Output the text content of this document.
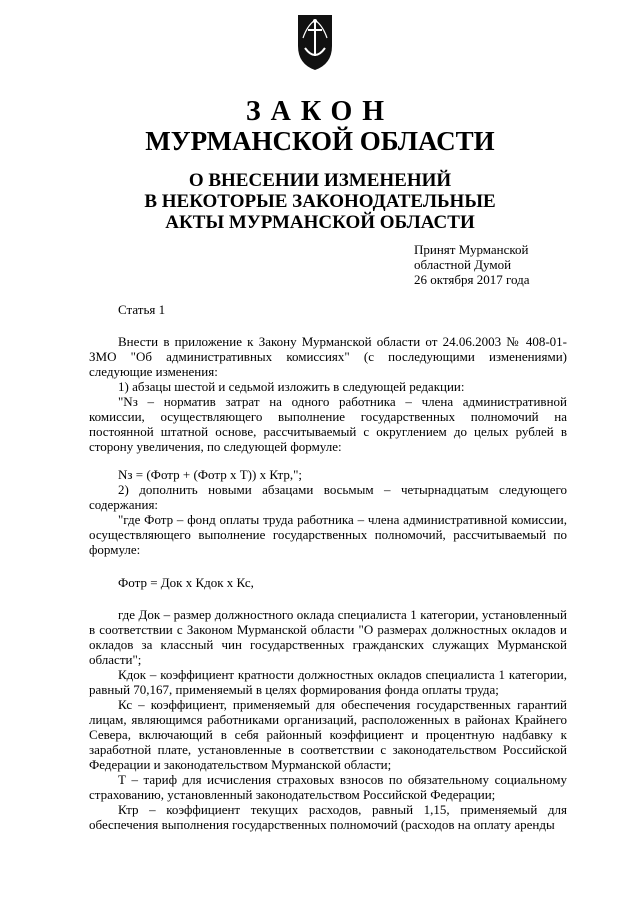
ЗАКОН
МУРМАНСКОЙ ОБЛАСТИ
О ВНЕСЕНИИ ИЗМЕНЕНИЙ
В НЕКОТОРЫЕ ЗАКОНОДАТЕЛЬНЫЕ
АКТЫ МУРМАНСКОЙ ОБЛАСТИ
Принят Мурманской
областной Думой
26 октября 2017 года
Статья 1

Внести в приложение к Закону Мурманской области от 24.06.2003 № 408-01-ЗМО "Об административных комиссиях" (с последующими изменениями) следующие изменения:

1) абзацы шестой и седьмой изложить в следующей редакции:

"Nз – норматив затрат на одного работника – члена административной комиссии, осуществляющего выполнение государственных полномочий на постоянной штатной основе, рассчитываемый с округлением до целых рублей в сторону увеличения, по следующей формуле:

Nз = (Фотр + (Фотр х Т)) х Ктр,";

2) дополнить новыми абзацами восьмым – четырнадцатым следующего содержания:

"где Фотр – фонд оплаты труда работника – члена административной комиссии, осуществляющего выполнение государственных полномочий, рассчитываемый по формуле:

Фотр = Док х Кдок х Кс,

где Док – размер должностного оклада специалиста 1 категории, установленный в соответствии с Законом Мурманской области "О размерах должностных окладов и окладов за классный чин государственных гражданских служащих Мурманской области";

Кдок – коэффициент кратности должностных окладов специалиста 1 категории, равный 70,167, применяемый в целях формирования фонда оплаты труда;

Кс – коэффициент, применяемый для обеспечения государственных гарантий лицам, являющимся работниками организаций, расположенных в районах Крайнего Севера, включающий в себя районный коэффициент и процентную надбавку к заработной плате, установленные в соответствии с законодательством Российской Федерации и законодательством Мурманской области;

Т – тариф для исчисления страховых взносов по обязательному социальному страхованию, установленный законодательством Российской Федерации;

Ктр – коэффициент текущих расходов, равный 1,15, применяемый для обеспечения выполнения государственных полномочий (расходов на оплату аренды
